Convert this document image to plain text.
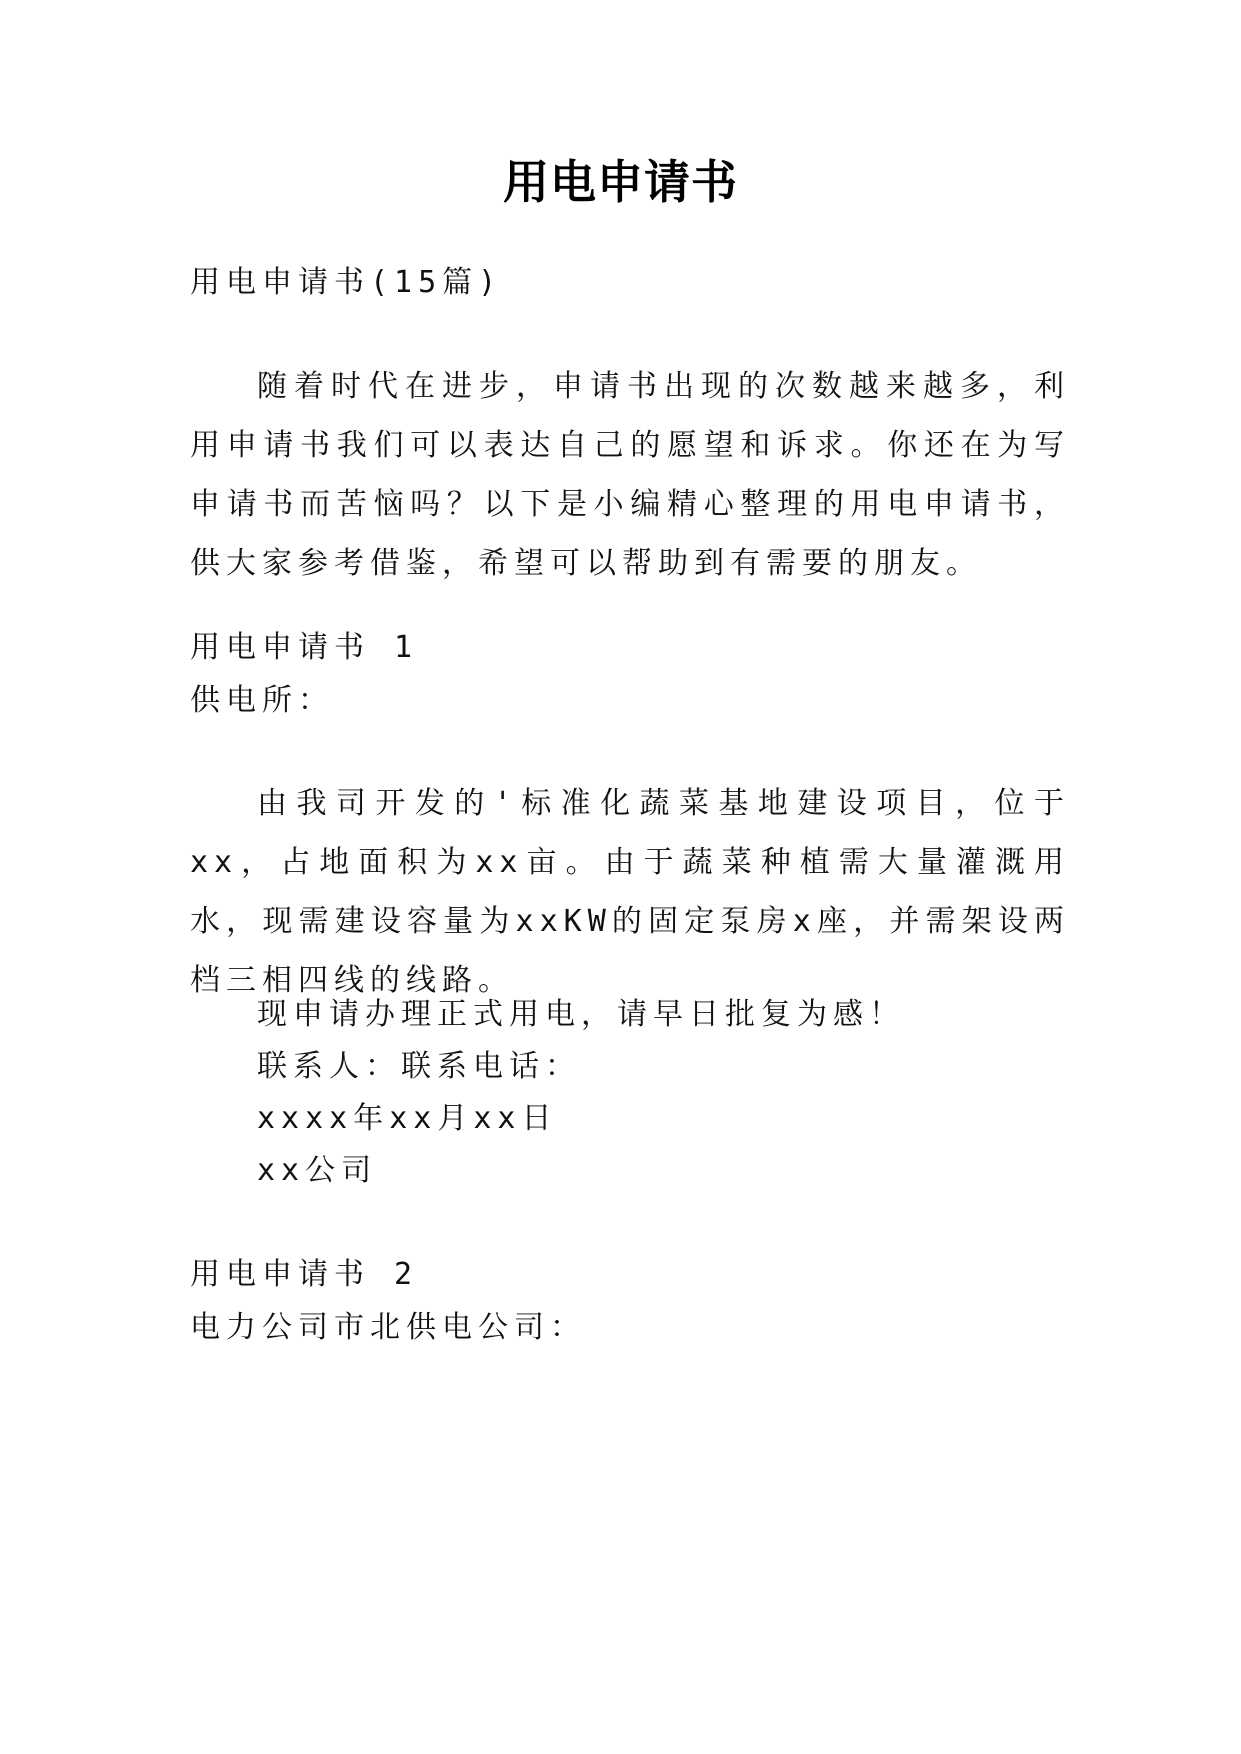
用电申请书
用电申请书(15篇)
随着时代在进步，申请书出现的次数越来越多，利用申请书我们可以表达自己的愿望和诉求。你还在为写申请书而苦恼吗？以下是小编精心整理的用电申请书，供大家参考借鉴，希望可以帮助到有需要的朋友。
用电申请书 1
供电所：
由我司开发的'标准化蔬菜基地建设项目，位于xx，占地面积为xx亩。由于蔬菜种植需大量灌溉用水，现需建设容量为xxKW的固定泵房x座，并需架设两档三相四线的线路。
现申请办理正式用电，请早日批复为感！
联系人：联系电话：
xxxx年xx月xx日
xx公司
用电申请书 2
电力公司市北供电公司：
